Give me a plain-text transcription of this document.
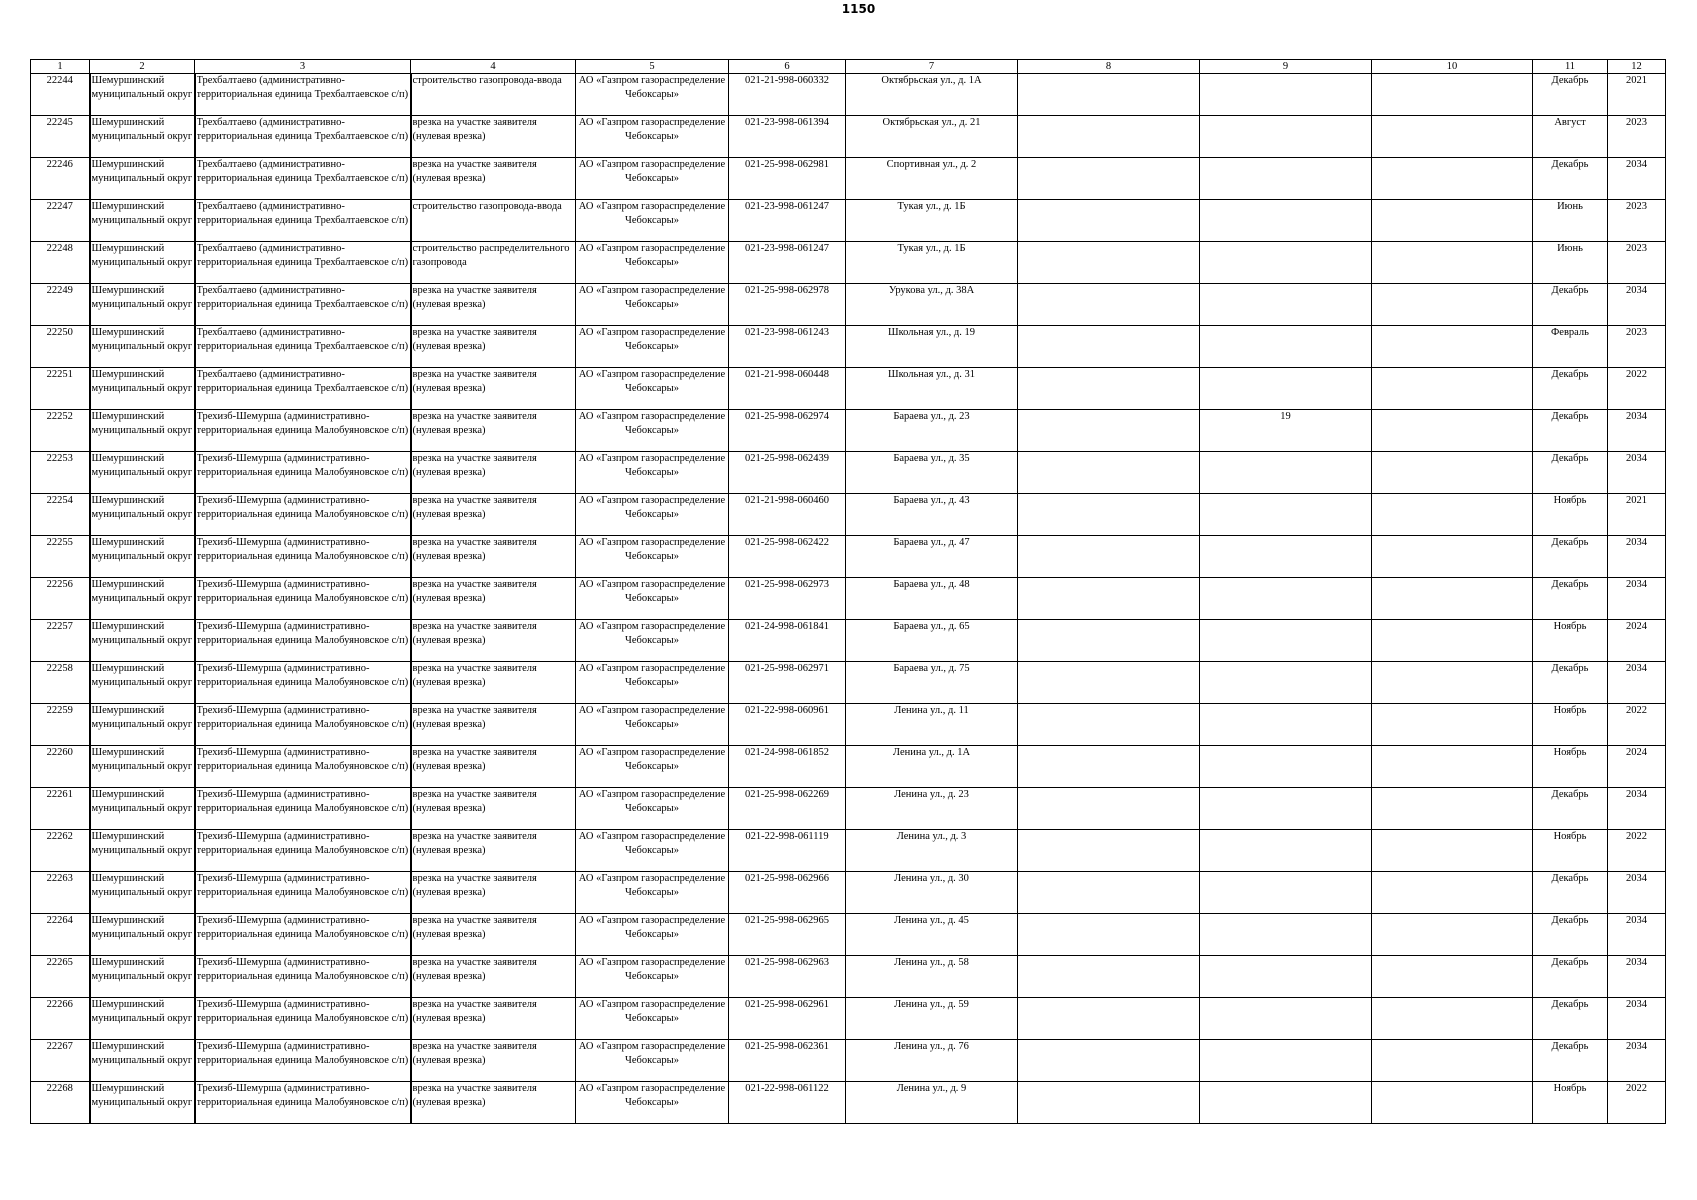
1150
1	2	3	4	5	6	7	8	9	10	11	12

22244	Шемуршинский муниципальный округ	Трехбалтаево (административно-территориальная единица Трехбалтаевское с/п)	строительство газопровода-ввода	АО «Газпром газораспределение Чебоксары»	021-21-998-060332	Октябрьская ул., д. 1А				Декабрь	2021

22245	Шемуршинский муниципальный округ	Трехбалтаево (административно-территориальная единица Трехбалтаевское с/п)	врезка на участке заявителя (нулевая врезка)	АО «Газпром газораспределение Чебоксары»	021-23-998-061394	Октябрьская ул., д. 21				Август	2023

22246	Шемуршинский муниципальный округ	Трехбалтаево (административно-территориальная единица Трехбалтаевское с/п)	врезка на участке заявителя (нулевая врезка)	АО «Газпром газораспределение Чебоксары»	021-25-998-062981	Спортивная ул., д. 2				Декабрь	2034

22247	Шемуршинский муниципальный округ	Трехбалтаево (административно-территориальная единица Трехбалтаевское с/п)	строительство газопровода-ввода	АО «Газпром газораспределение Чебоксары»	021-23-998-061247	Тукая ул., д. 1Б				Июнь	2023

22248	Шемуршинский муниципальный округ	Трехбалтаево (административно-территориальная единица Трехбалтаевское с/п)	строительство распределительного газопровода	АО «Газпром газораспределение Чебоксары»	021-23-998-061247	Тукая ул., д. 1Б				Июнь	2023

22249	Шемуршинский муниципальный округ	Трехбалтаево (административно-территориальная единица Трехбалтаевское с/п)	врезка на участке заявителя (нулевая врезка)	АО «Газпром газораспределение Чебоксары»	021-25-998-062978	Урукова ул., д. 38А				Декабрь	2034

22250	Шемуршинский муниципальный округ	Трехбалтаево (административно-территориальная единица Трехбалтаевское с/п)	врезка на участке заявителя (нулевая врезка)	АО «Газпром газораспределение Чебоксары»	021-23-998-061243	Школьная ул., д. 19				Февраль	2023

22251	Шемуршинский муниципальный округ	Трехбалтаево (административно-территориальная единица Трехбалтаевское с/п)	врезка на участке заявителя (нулевая врезка)	АО «Газпром газораспределение Чебоксары»	021-21-998-060448	Школьная ул., д. 31				Декабрь	2022

22252	Шемуршинский муниципальный округ	Трехизб-Шемурша (административно-территориальная единица Малобуяновское с/п)	врезка на участке заявителя (нулевая врезка)	АО «Газпром газораспределение Чебоксары»	021-25-998-062974	Бараева ул., д. 23		19		Декабрь	2034

22253	Шемуршинский муниципальный округ	Трехизб-Шемурша (административно-территориальная единица Малобуяновское с/п)	врезка на участке заявителя (нулевая врезка)	АО «Газпром газораспределение Чебоксары»	021-25-998-062439	Бараева ул., д. 35				Декабрь	2034

22254	Шемуршинский муниципальный округ	Трехизб-Шемурша (административно-территориальная единица Малобуяновское с/п)	врезка на участке заявителя (нулевая врезка)	АО «Газпром газораспределение Чебоксары»	021-21-998-060460	Бараева ул., д. 43				Ноябрь	2021

22255	Шемуршинский муниципальный округ	Трехизб-Шемурша (административно-территориальная единица Малобуяновское с/п)	врезка на участке заявителя (нулевая врезка)	АО «Газпром газораспределение Чебоксары»	021-25-998-062422	Бараева ул., д. 47				Декабрь	2034

22256	Шемуршинский муниципальный округ	Трехизб-Шемурша (административно-территориальная единица Малобуяновское с/п)	врезка на участке заявителя (нулевая врезка)	АО «Газпром газораспределение Чебоксары»	021-25-998-062973	Бараева ул., д. 48				Декабрь	2034

22257	Шемуршинский муниципальный округ	Трехизб-Шемурша (административно-территориальная единица Малобуяновское с/п)	врезка на участке заявителя (нулевая врезка)	АО «Газпром газораспределение Чебоксары»	021-24-998-061841	Бараева ул., д. 65				Ноябрь	2024

22258	Шемуршинский муниципальный округ	Трехизб-Шемурша (административно-территориальная единица Малобуяновское с/п)	врезка на участке заявителя (нулевая врезка)	АО «Газпром газораспределение Чебоксары»	021-25-998-062971	Бараева ул., д. 75				Декабрь	2034

22259	Шемуршинский муниципальный округ	Трехизб-Шемурша (административно-территориальная единица Малобуяновское с/п)	врезка на участке заявителя (нулевая врезка)	АО «Газпром газораспределение Чебоксары»	021-22-998-060961	Ленина ул., д. 11				Ноябрь	2022

22260	Шемуршинский муниципальный округ	Трехизб-Шемурша (административно-территориальная единица Малобуяновское с/п)	врезка на участке заявителя (нулевая врезка)	АО «Газпром газораспределение Чебоксары»	021-24-998-061852	Ленина ул., д. 1А				Ноябрь	2024

22261	Шемуршинский муниципальный округ	Трехизб-Шемурша (административно-территориальная единица Малобуяновское с/п)	врезка на участке заявителя (нулевая врезка)	АО «Газпром газораспределение Чебоксары»	021-25-998-062269	Ленина ул., д. 23				Декабрь	2034

22262	Шемуршинский муниципальный округ	Трехизб-Шемурша (административно-территориальная единица Малобуяновское с/п)	врезка на участке заявителя (нулевая врезка)	АО «Газпром газораспределение Чебоксары»	021-22-998-061119	Ленина ул., д. 3				Ноябрь	2022

22263	Шемуршинский муниципальный округ	Трехизб-Шемурша (административно-территориальная единица Малобуяновское с/п)	врезка на участке заявителя (нулевая врезка)	АО «Газпром газораспределение Чебоксары»	021-25-998-062966	Ленина ул., д. 30				Декабрь	2034

22264	Шемуршинский муниципальный округ	Трехизб-Шемурша (административно-территориальная единица Малобуяновское с/п)	врезка на участке заявителя (нулевая врезка)	АО «Газпром газораспределение Чебоксары»	021-25-998-062965	Ленина ул., д. 45				Декабрь	2034

22265	Шемуршинский муниципальный округ	Трехизб-Шемурша (административно-территориальная единица Малобуяновское с/п)	врезка на участке заявителя (нулевая врезка)	АО «Газпром газораспределение Чебоксары»	021-25-998-062963	Ленина ул., д. 58				Декабрь	2034

22266	Шемуршинский муниципальный округ	Трехизб-Шемурша (административно-территориальная единица Малобуяновское с/п)	врезка на участке заявителя (нулевая врезка)	АО «Газпром газораспределение Чебоксары»	021-25-998-062961	Ленина ул., д. 59				Декабрь	2034

22267	Шемуршинский муниципальный округ	Трехизб-Шемурша (административно-территориальная единица Малобуяновское с/п)	врезка на участке заявителя (нулевая врезка)	АО «Газпром газораспределение Чебоксары»	021-25-998-062361	Ленина ул., д. 76				Декабрь	2034

22268	Шемуршинский муниципальный округ	Трехизб-Шемурша (административно-территориальная единица Малобуяновское с/п)	врезка на участке заявителя (нулевая врезка)	АО «Газпром газораспределение Чебоксары»	021-22-998-061122	Ленина ул., д. 9				Ноябрь	2022
